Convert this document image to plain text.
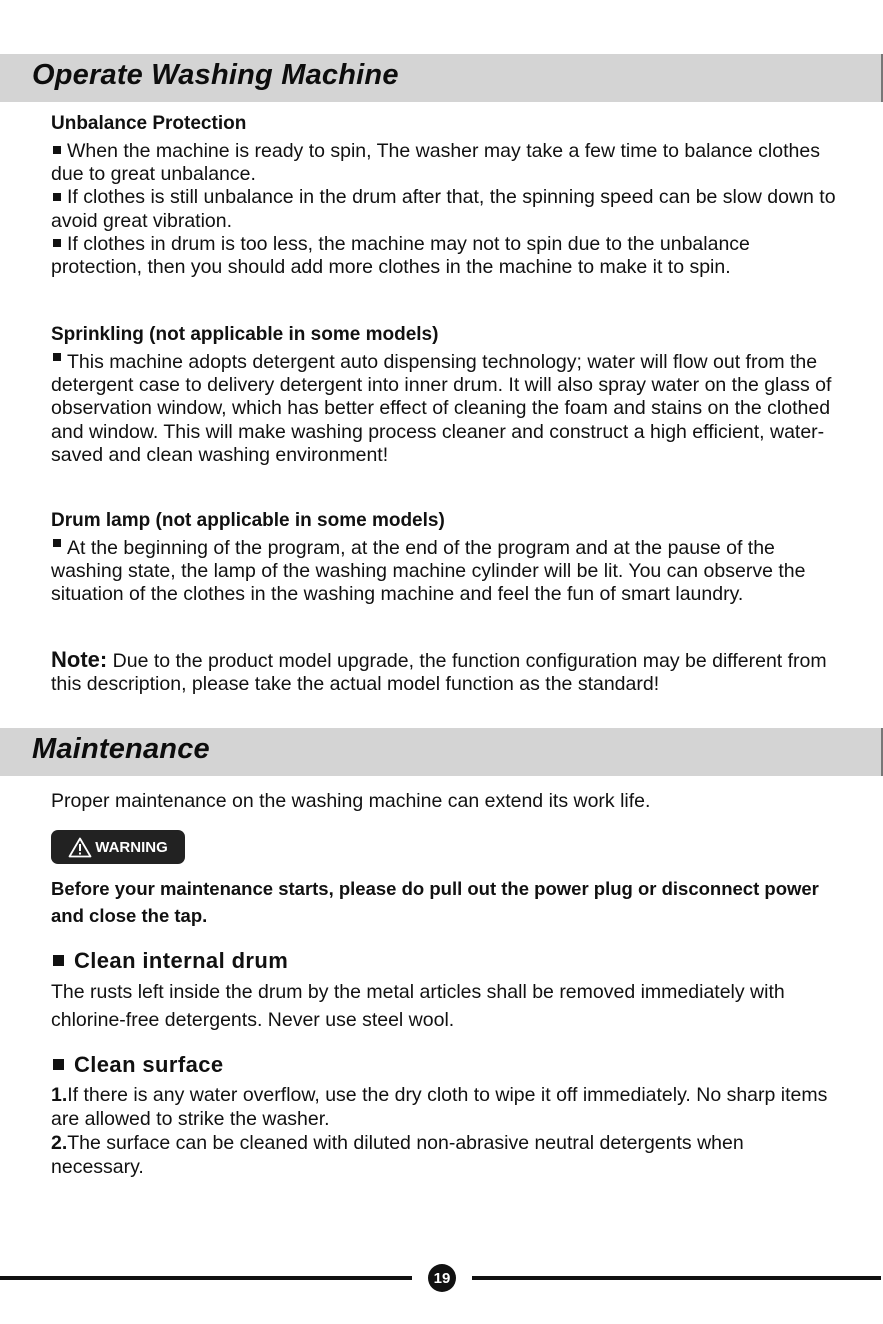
Operate Washing Machine

Unbalance Protection

When the machine is ready to spin, The washer may take a few time to balance clothes due to great unbalance.

If clothes is still unbalance in the drum after that, the spinning speed can be slow down to avoid great vibration.

If clothes in drum is too less, the machine may not to spin due to the unbalance protection, then you should add more clothes in the machine to make it to spin.

Sprinkling (not applicable in some models)

This machine adopts detergent auto dispensing technology; water will flow out from the detergent case to delivery detergent into inner drum. It will also spray water on the glass of observation window, which has better effect of cleaning the foam and stains on the clothed and window. This will make washing process cleaner and construct a high efficient, water-saved and clean washing environment!

Drum lamp (not applicable in some models)

At the beginning of the program, at the end of the program and at the pause of the washing state, the lamp of the washing machine cylinder will be lit. You can observe the situation of the clothes in the washing machine and feel the fun of smart laundry.

Note: Due to the product model upgrade, the function configuration may be different from this description, please take the actual model function as the standard!

Maintenance

Proper maintenance on the washing machine can extend its work life.

WARNING

Before your maintenance starts, please do pull out the power plug or disconnect power and close the tap.

Clean internal drum

The rusts left inside the drum by the metal articles shall be removed immediately with chlorine-free detergents. Never use steel wool.

Clean surface

1.If there is any water overflow, use the dry cloth to wipe it off immediately. No sharp items are allowed to strike the washer.

2.The surface can be cleaned with diluted non-abrasive neutral detergents when necessary.

19
